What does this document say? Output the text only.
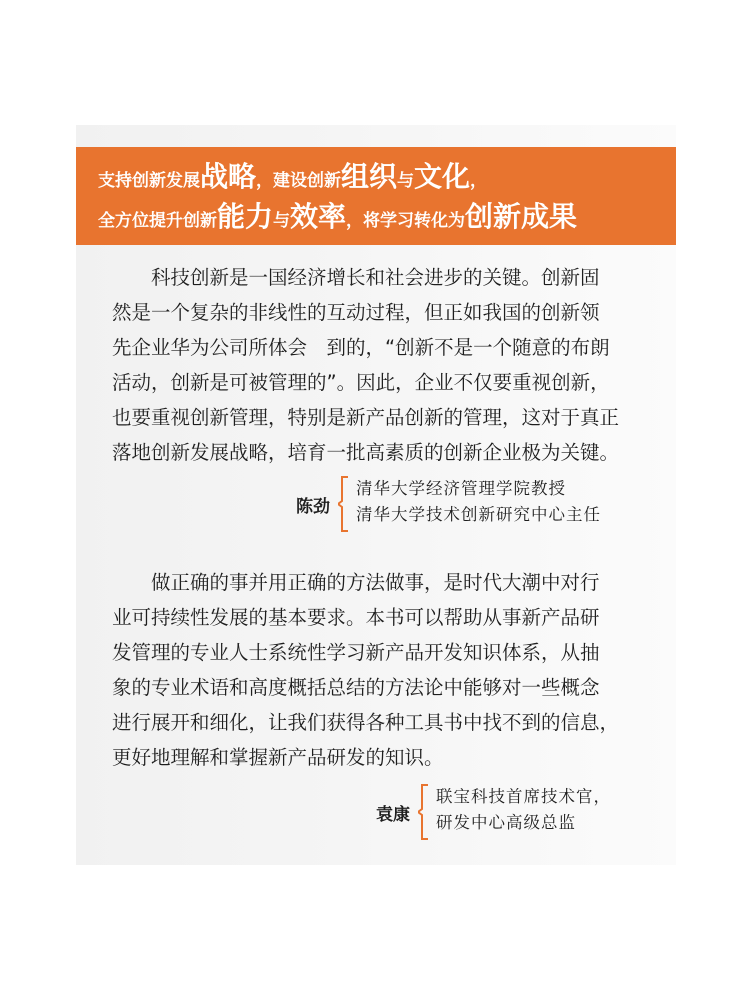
支持创新发展战略，建设创新组织与文化，
全方位提升创新能力与效率，将学习转化为创新成果
　　科技创新是一国经济增长和社会进步的关键。创新固
然是一个复杂的非线性的互动过程，但正如我国的创新领
先企业华为公司所体会　到的，“创新不是一个随意的布朗
活动，创新是可被管理的”。因此，企业不仅要重视创新，
也要重视创新管理，特别是新产品创新的管理，这对于真正
落地创新发展战略，培育一批高素质的创新企业极为关键。
陈劲
清华大学经济管理学院教授
清华大学技术创新研究中心主任
　　做正确的事并用正确的方法做事，是时代大潮中对行
业可持续性发展的基本要求。本书可以帮助从事新产品研
发管理的专业人士系统性学习新产品开发知识体系，从抽
象的专业术语和高度概括总结的方法论中能够对一些概念
进行展开和细化，让我们获得各种工具书中找不到的信息，
更好地理解和掌握新产品研发的知识。
袁康
联宝科技首席技术官，
研发中心高级总监
